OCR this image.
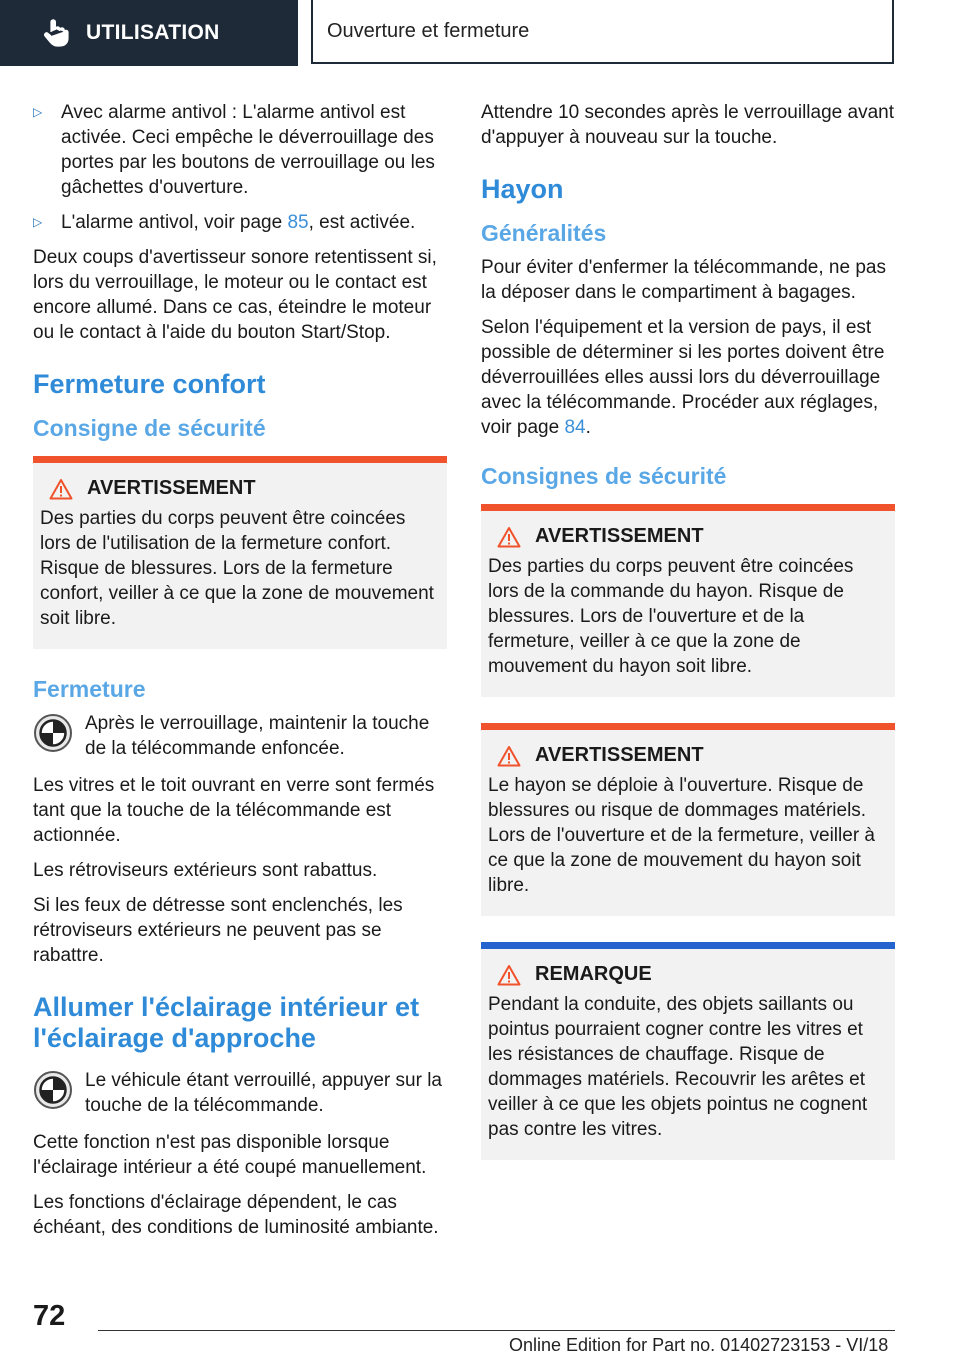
UTILISATION	Ouverture et fermeture
▷ Avec alarme antivol : L'alarme antivol est activée. Ceci empêche le déverrouillage des portes par les boutons de verrouillage ou les gâchettes d'ouverture.
▷ L'alarme antivol, voir page 85, est activée.

Deux coups d'avertisseur sonore retentissent si, lors du verrouillage, le moteur ou le contact est encore allumé. Dans ce cas, éteindre le moteur ou le contact à l'aide du bouton Start/Stop.

Fermeture confort
Consigne de sécurité
AVERTISSEMENT
Des parties du corps peuvent être coincées lors de l'utilisation de la fermeture confort. Risque de blessures. Lors de la fermeture confort, veiller à ce que la zone de mouvement soit libre.
Fermeture
Après le verrouillage, maintenir la touche de la télécommande enfoncée.

Les vitres et le toit ouvrant en verre sont fermés tant que la touche de la télécommande est actionnée.

Les rétroviseurs extérieurs sont rabattus.

Si les feux de détresse sont enclenchés, les rétroviseurs extérieurs ne peuvent pas se rabattre.

Allumer l'éclairage intérieur et l'éclairage d'approche
Le véhicule étant verrouillé, appuyer sur la touche de la télécommande.

Cette fonction n'est pas disponible lorsque l'éclairage intérieur a été coupé manuellement.

Les fonctions d'éclairage dépendent, le cas échéant, des conditions de luminosité ambiante.

Attendre 10 secondes après le verrouillage avant d'appuyer à nouveau sur la touche.

Hayon
Généralités

Pour éviter d'enfermer la télécommande, ne pas la déposer dans le compartiment à bagages.

Selon l'équipement et la version de pays, il est possible de déterminer si les portes doivent être déverrouillées elles aussi lors du déverrouillage avec la télécommande. Procéder aux réglages, voir page 84.

Consignes de sécurité
AVERTISSEMENT
Des parties du corps peuvent être coincées lors de la commande du hayon. Risque de blessures. Lors de l'ouverture et de la fermeture, veiller à ce que la zone de mouvement du hayon soit libre.
AVERTISSEMENT
Le hayon se déploie à l'ouverture. Risque de blessures ou risque de dommages matériels. Lors de l'ouverture et de la fermeture, veiller à ce que la zone de mouvement du hayon soit libre.
REMARQUE
Pendant la conduite, des objets saillants ou pointus pourraient cogner contre les vitres et les résistances de chauffage. Risque de dommages matériels. Recouvrir les arêtes et veiller à ce que les objets pointus ne cognent pas contre les vitres.
72
Online Edition for Part no. 01402723153 - VI/18
